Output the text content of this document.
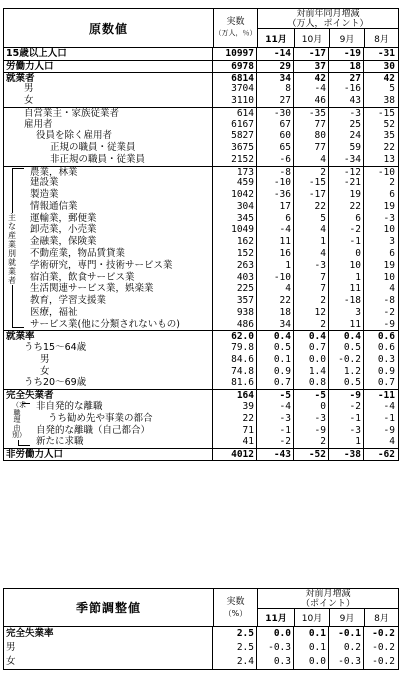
原数値	実数
（万人，％）
対前年同月増減
（万人，ポイント）
11月	10月	9月	8月
15歳以上人口	10997	-14	-17	-19	-31
労働力人口	6978	29	37	18	30
就業者	6814	34	42	27	42
男	3704	8	-4	-16	5
女	3110	27	46	43	38
自営業主・家族従業者	614	-30	-35	-3	-15
雇用者	6167	67	77	25	52
役員を除く雇用者	5827	60	80	24	35
正規の職員・従業員	3675	65	77	59	22
非正規の職員・従業員	2152	-6	4	-34	13
農業，林業	173	-8	2	-12	-10
建設業	459	-10	-15	-21	2
製造業	1042	-36	-17	19	6
情報通信業	304	17	22	22	19
運輸業，郵便業	345	6	5	6	-3
卸売業，小売業	1049	-4	4	-2	10
金融業，保険業	162	11	1	-1	3
不動産業，物品賃貸業	152	16	4	0	6
学術研究，専門・技術サービス業	263	1	-3	10	19
宿泊業，飲食サービス業	403	-10	7	1	10
生活関連サービス業，娯楽業	225	4	7	11	4
教育，学習支援業	357	22	2	-18	-8
医療，福祉	938	18	12	3	-2
サービス業(他に分類されないもの)	486	34	2	11	-9
就業率	62.0	0.4	0.4	0.4	0.6
うち15～64歳	79.8	0.5	0.7	0.5	0.6
男	84.6	0.1	0.0	-0.2	0.3
女	74.8	0.9	1.4	1.2	0.9
うち20～69歳	81.6	0.7	0.8	0.5	0.7
完全失業者	164	-5	-5	-9	-11
非自発的な離職	39	-4	0	-2	-4
うち勧め先や事業の都合	22	-3	-3	-1	-1
自発的な離職（自己都合）	71	-1	-9	-3	-9
新たに求職	41	-2	2	1	4
非労働力人口	4012	-43	-52	-38	-62
主な産業別就業者
（求職理由別）
季節調整値	実数
（%）
対前月増減
（ポイント）
11月	10月	9月	8月
完全失業率	2.5	0.0	0.1	-0.1	-0.2
男	2.5	-0.3	0.1	0.2	-0.2
女	2.4	0.3	0.0	-0.3	-0.2
